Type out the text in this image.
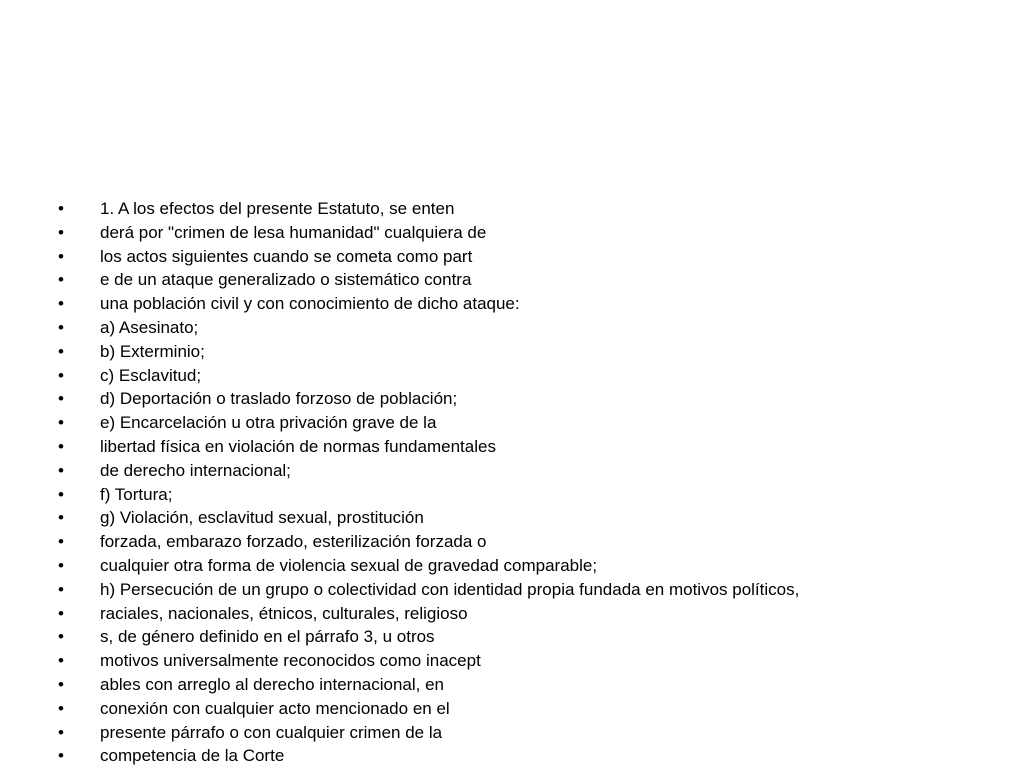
•	1. A los efectos del presente Estatuto, se enten
•	derá por "crimen de lesa humanidad" cualquiera de
•	los actos siguientes cuando se cometa como part
•	e de un ataque generalizado o sistemático contra
•	una población civil y con conocimiento de dicho ataque:
•	a) Asesinato;
•	b) Exterminio;
•	c) Esclavitud;
•	d) Deportación o traslado forzoso de población;
•	e) Encarcelación u otra privación grave de la
•	libertad física en violación de normas fundamentales
•	de derecho internacional;
•	f) Tortura;
•	g) Violación, esclavitud sexual, prostitución
•	forzada, embarazo forzado, esterilización forzada o
•	cualquier otra forma de violencia sexual de gravedad comparable;
•	h) Persecución de un grupo o colectividad con identidad propia fundada en motivos políticos,
•	raciales, nacionales, étnicos, culturales, religioso
•	s, de género definido en el párrafo 3, u otros
•	motivos universalmente reconocidos como inacept
•	ables con arreglo al derecho internacional, en
•	conexión con cualquier acto mencionado en el
•	presente párrafo o con cualquier crimen de la
•	competencia de la Corte
